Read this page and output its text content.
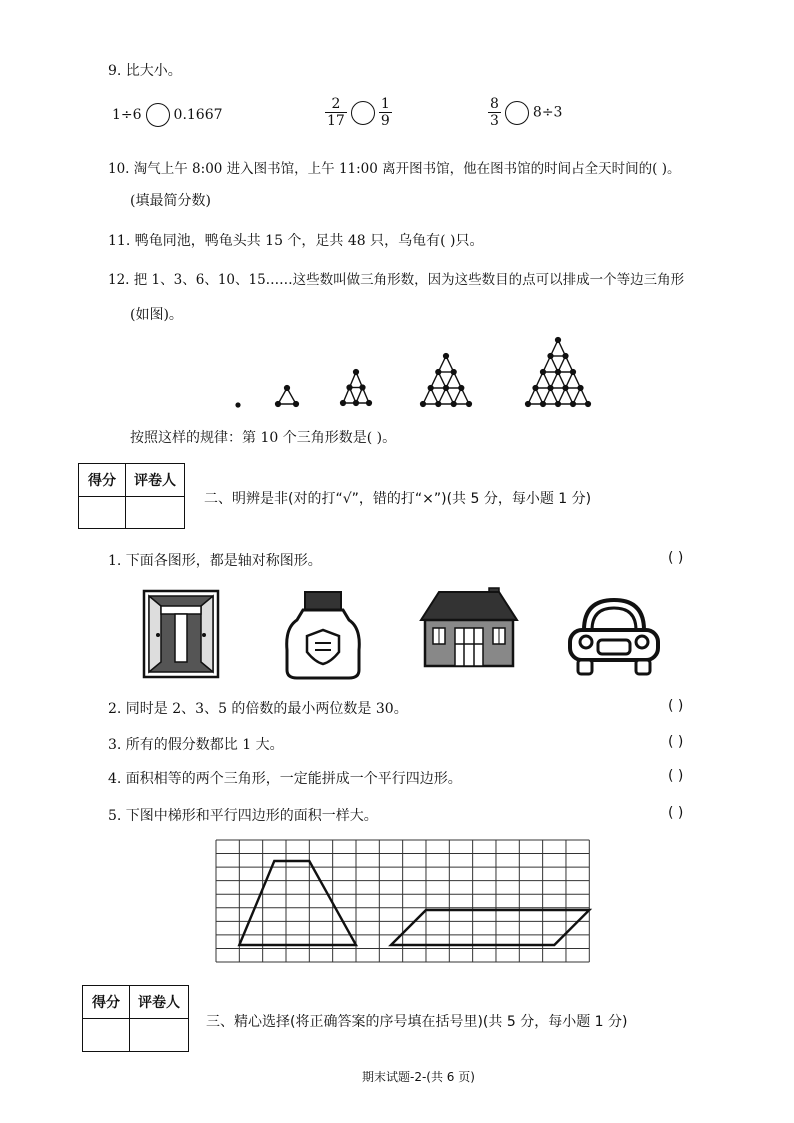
9. 比大小。
1÷6 0.1667	$\frac{2}{17} \frac{1}{9}$	$\frac{8}{3} 8\div 3$
10. 淘气上午 8:00 进入图书馆，上午 11:00 离开图书馆，他在图书馆的时间占全天时间的( )。
(填最简分数)
11. 鸭龟同池，鸭龟头共 15 个，足共 48 只，乌龟有( )只。
12. 把 1、3、6、10、15……这些数叫做三角形数，因为这些数目的点可以排成一个等边三角形
(如图)。
按照这样的规律：第 10 个三角形数是( )。
得分	评卷人

二、明辨是非(对的打“√”，错的打“×”)(共 5 分，每小题 1 分)
1. 下面各图形，都是轴对称图形。	( )
2. 同时是 2、3、5 的倍数的最小两位数是 30。	( )
3. 所有的假分数都比 1 大。	( )
4. 面积相等的两个三角形，一定能拼成一个平行四边形。	( )
5. 下图中梯形和平行四边形的面积一样大。	( )
得分	评卷人

三、精心选择(将正确答案的序号填在括号里)(共 5 分，每小题 1 分)
期末试题-2-(共 6 页)
